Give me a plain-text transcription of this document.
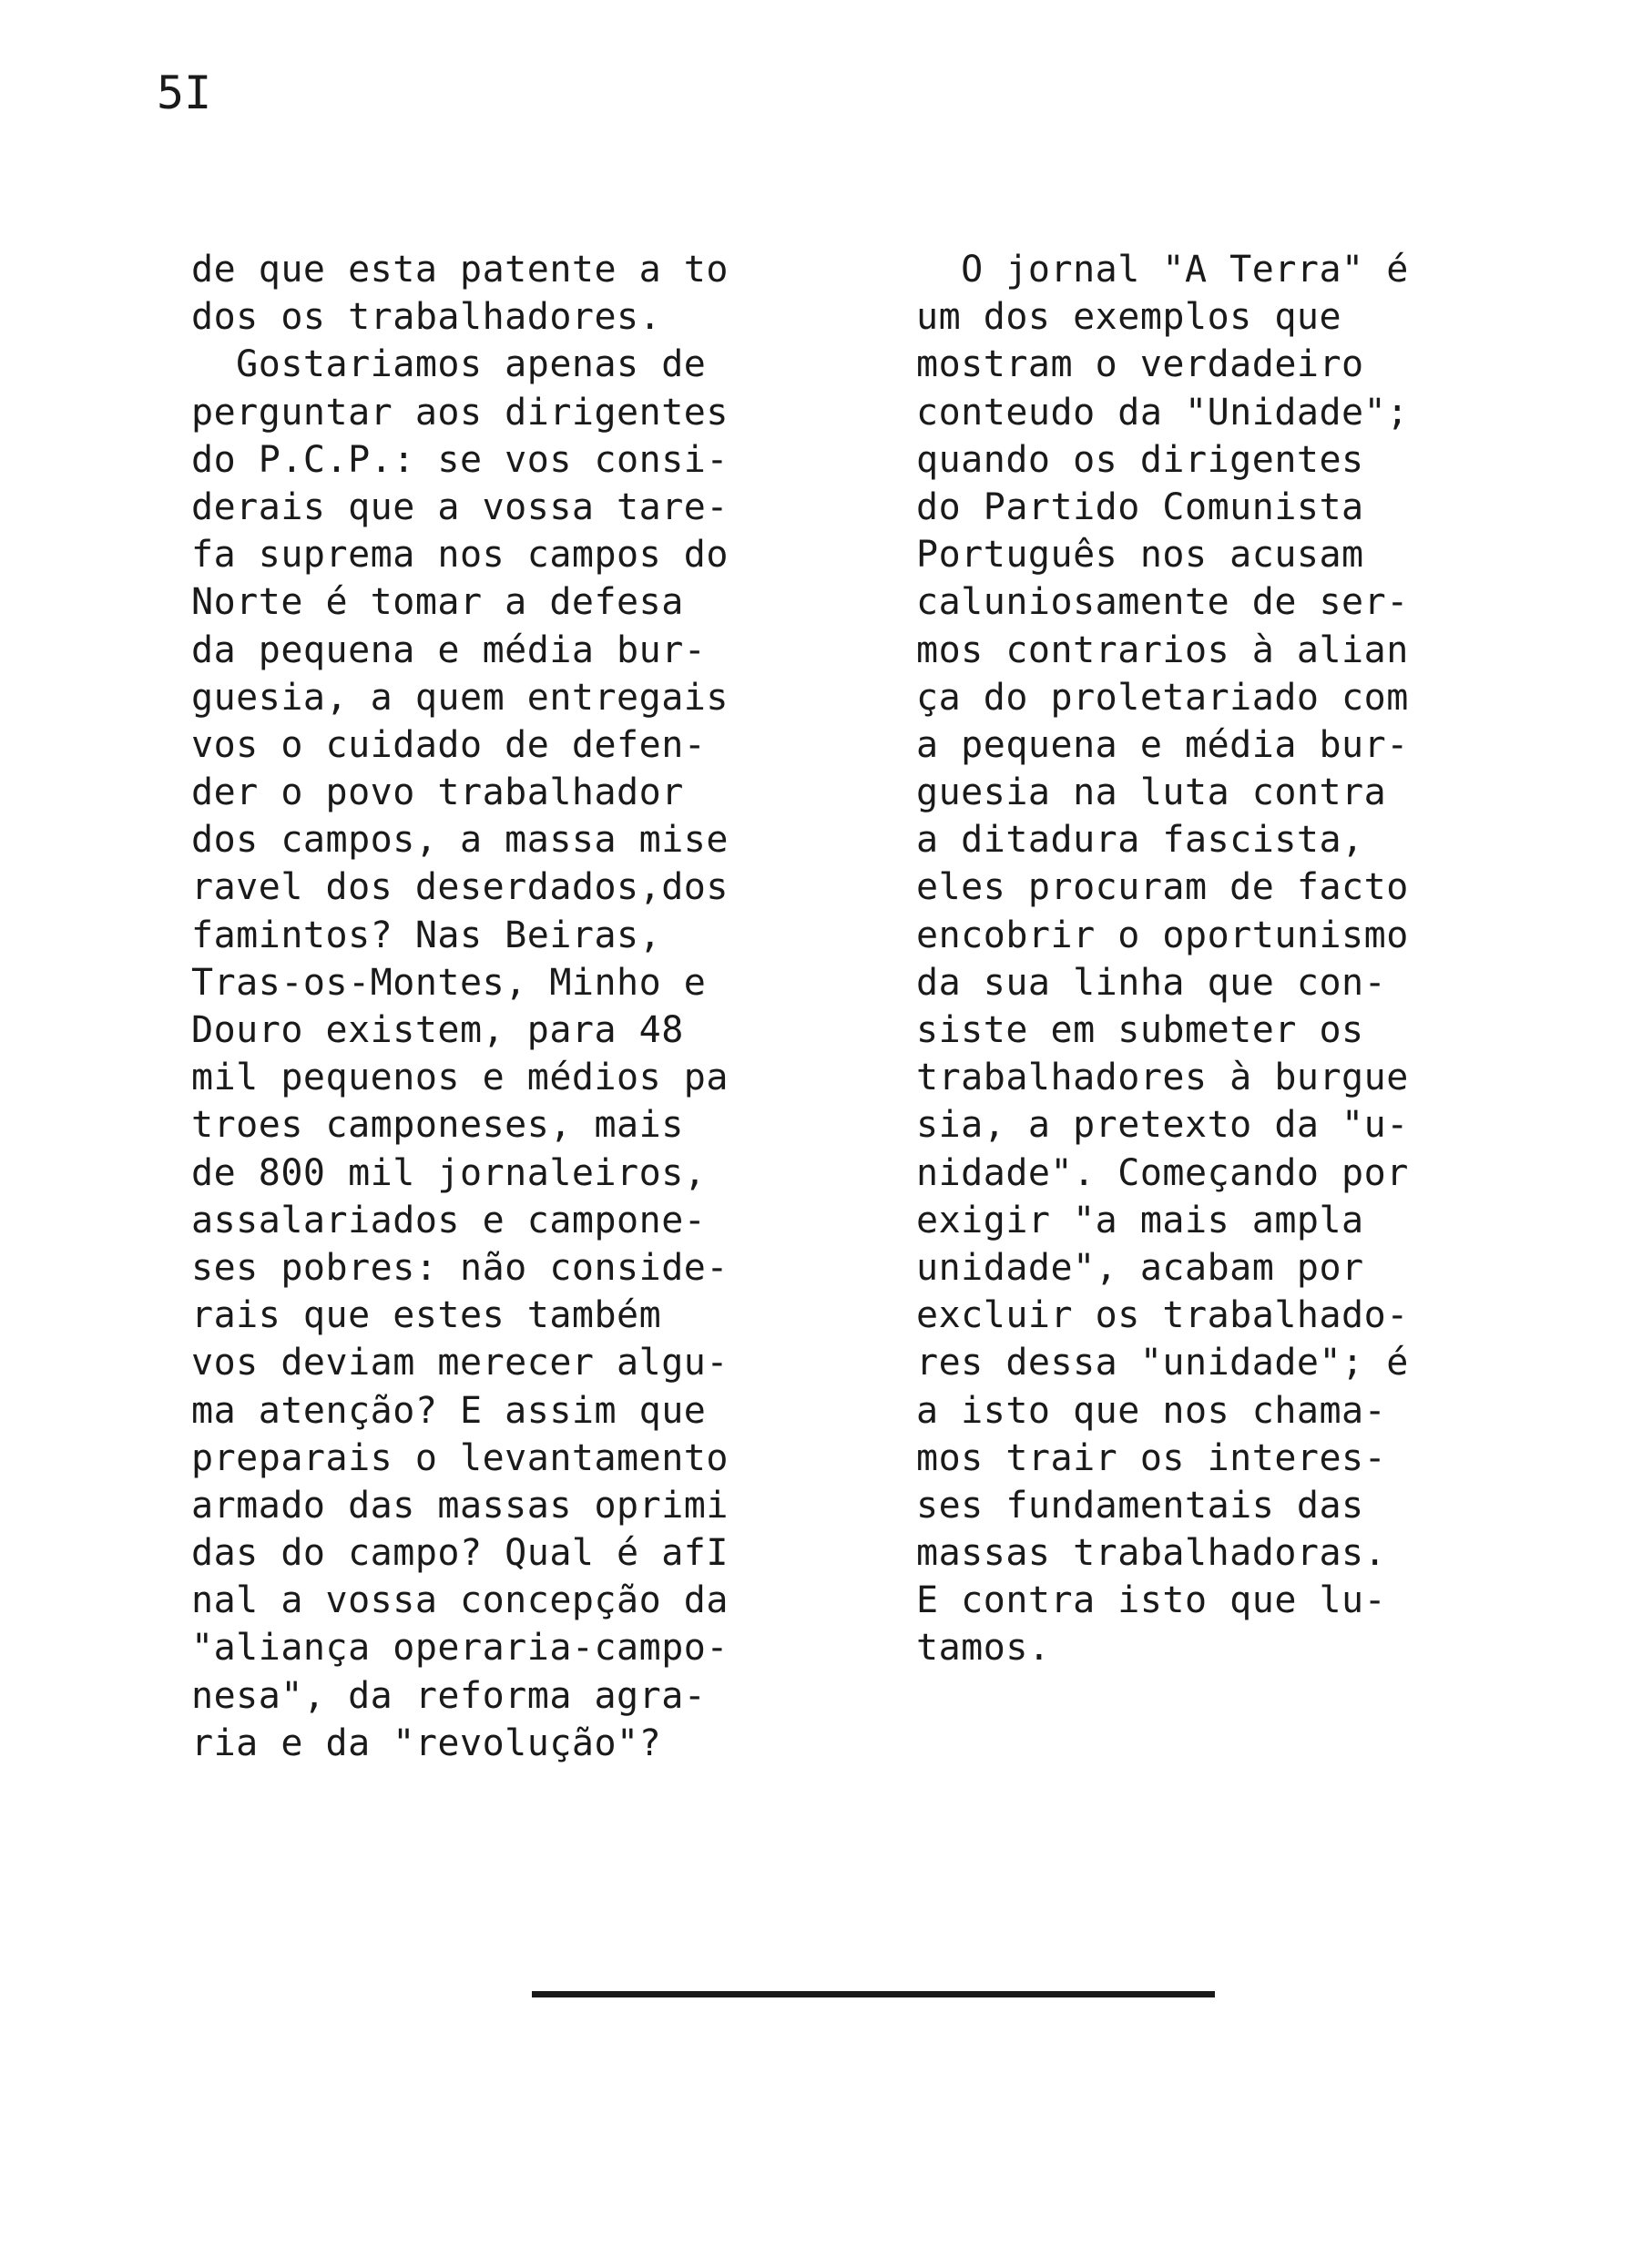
5I

de que esta patente a to
dos os trabalhadores.
Gostariamos apenas de
perguntar aos dirigentes
do P.C.P.: se vos consi-
derais que a vossa tare-
fa suprema nos campos do
Norte é tomar a defesa
da pequena e média bur-
guesia, a quem entregais
vos o cuidado de defen-
der o povo trabalhador
dos campos, a massa mise
ravel dos deserdados,dos
famintos? Nas Beiras,
Tras-os-Montes, Minho e
Douro existem, para 48
mil pequenos e médios pa
troes camponeses, mais
de 800 mil jornaleiros,
assalariados e campone-
ses pobres: não conside-
rais que estes também
vos deviam merecer algu-
ma atenção? E assim que
preparais o levantamento
armado das massas oprimi
das do campo? Qual é afI
nal a vossa concepção da
"aliança operaria-campo-
nesa", da reforma agra-
ria e da "revolução"?
O jornal "A Terra" é
um dos exemplos que
mostram o verdadeiro
conteudo da "Unidade";
quando os dirigentes
do Partido Comunista
Português nos acusam
caluniosamente de ser-
mos contrarios à alian
ça do proletariado com
a pequena e média bur-
guesia na luta contra
a ditadura fascista,
eles procuram de facto
encobrir o oportunismo
da sua linha que con-
siste em submeter os
trabalhadores à burgue
sia, a pretexto da "u-
nidade". Começando por
exigir "a mais ampla
unidade", acabam por
excluir os trabalhado-
res dessa "unidade"; é
a isto que nos chama-
mos trair os interes-
ses fundamentais das
massas trabalhadoras.
E contra isto que lu-
tamos.
